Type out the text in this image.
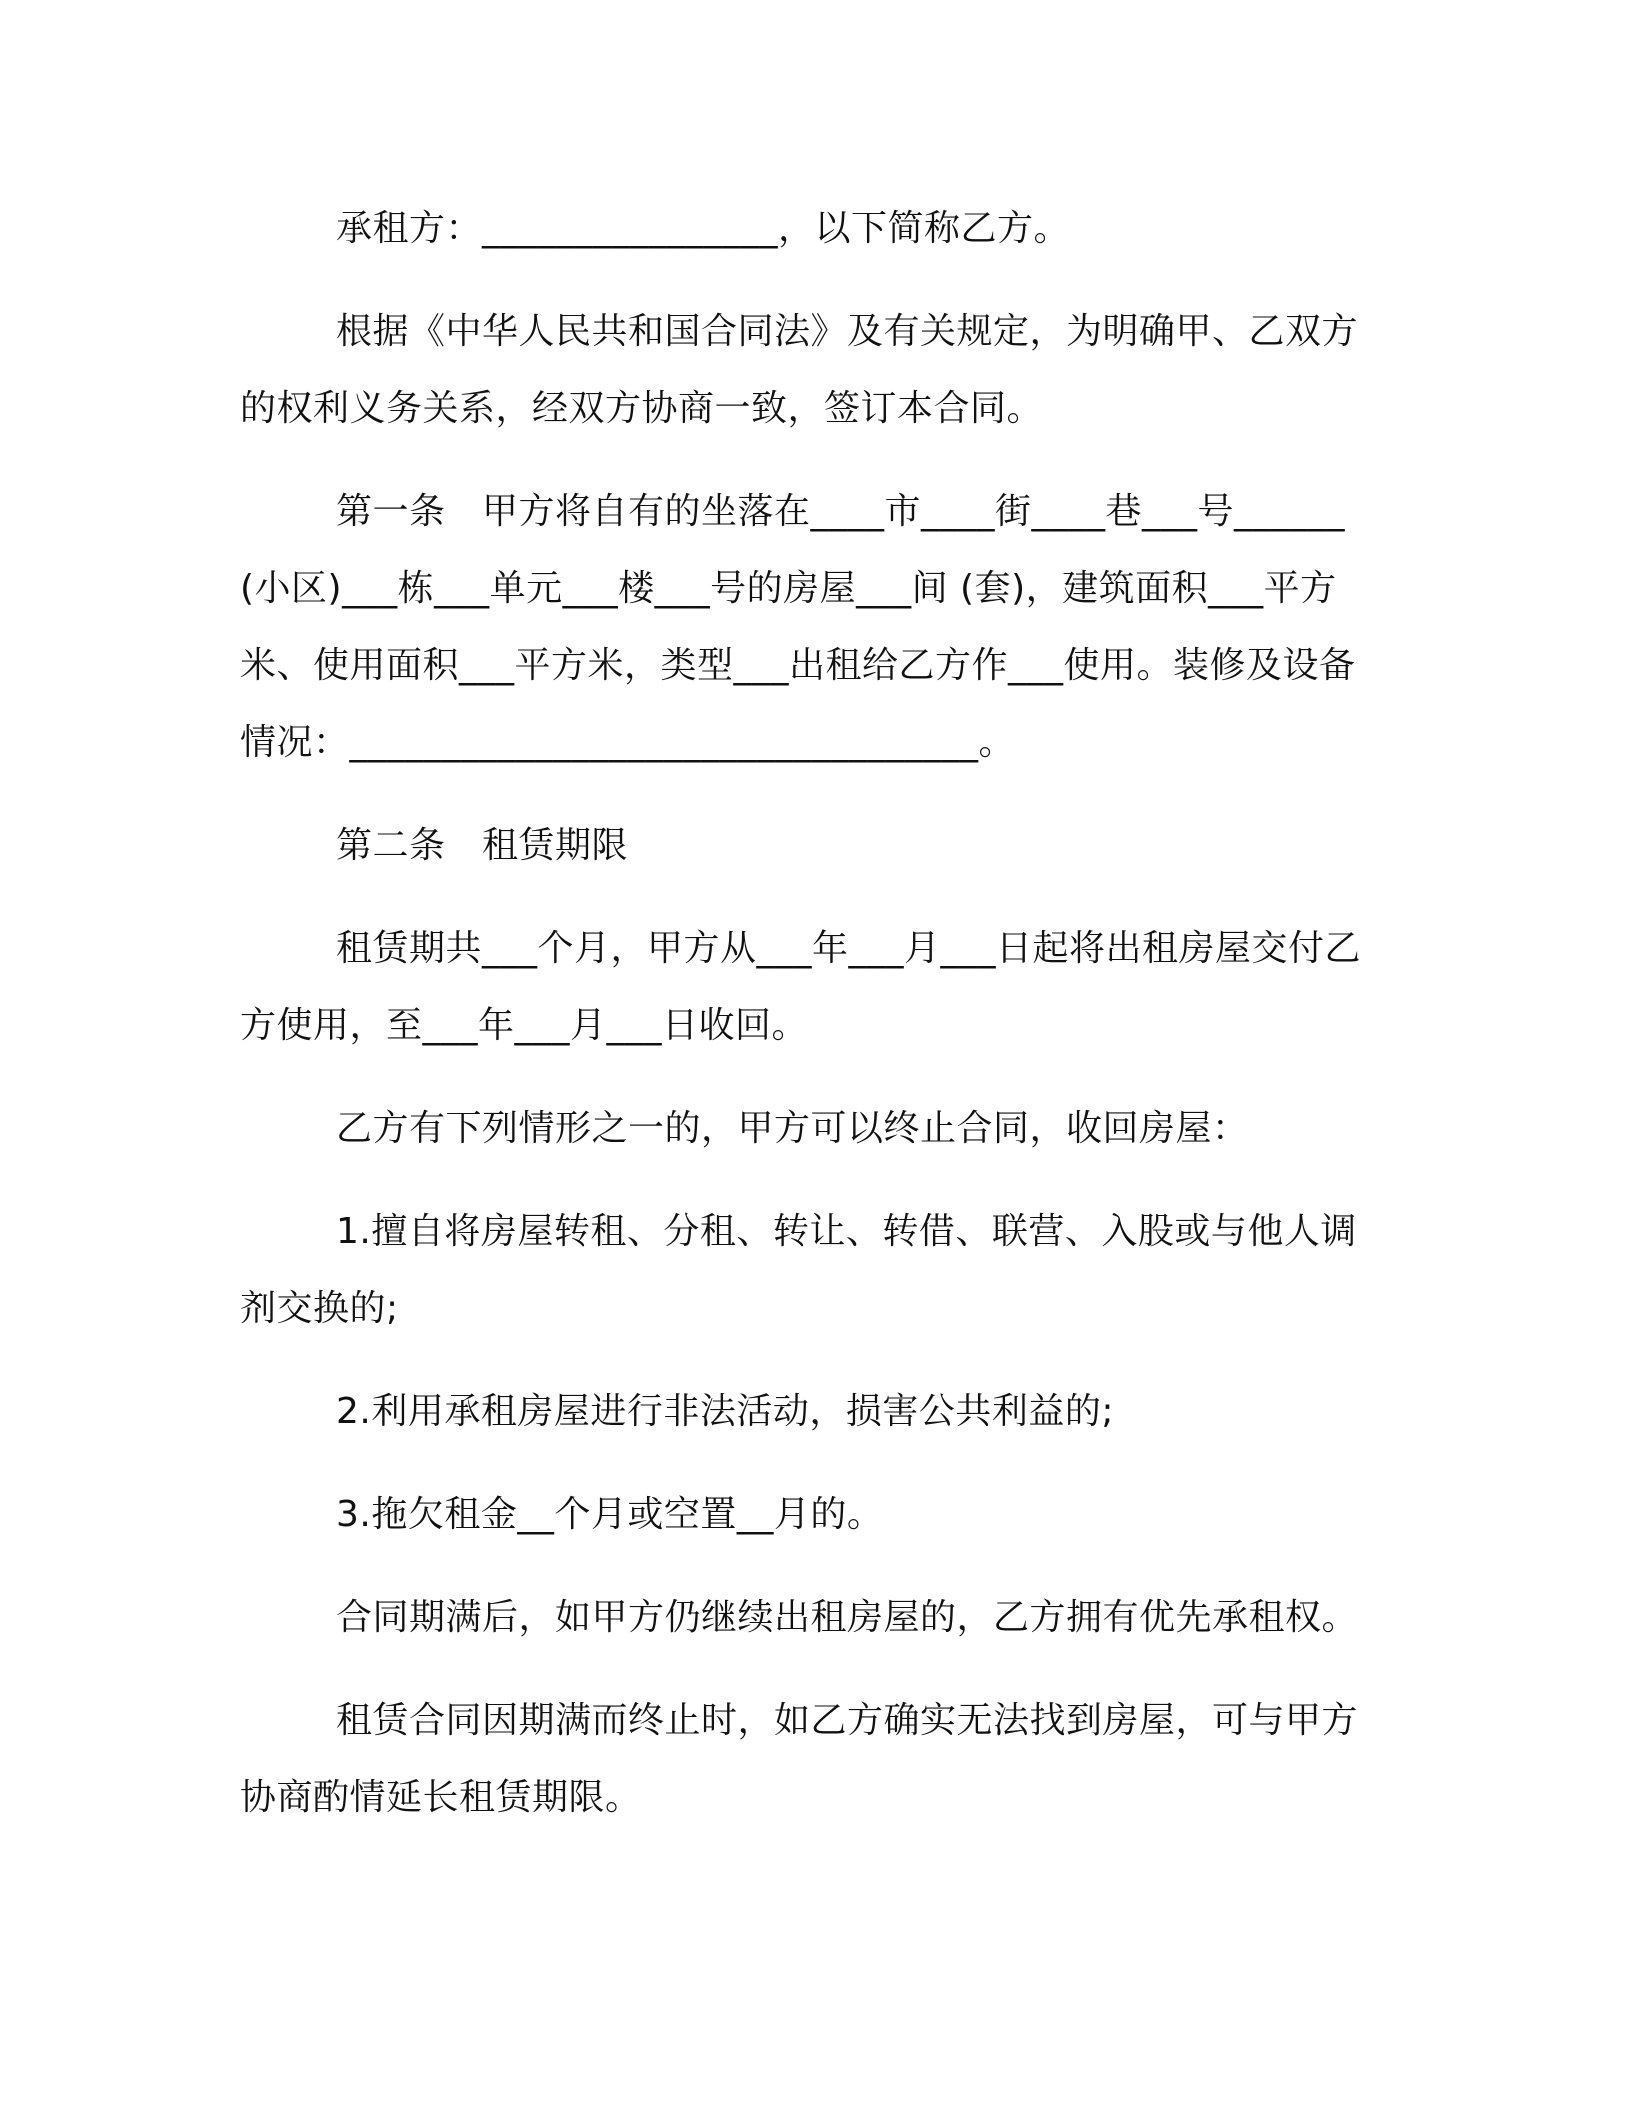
承租方：________________，以下简称乙方。

根据《中华人民共和国合同法》及有关规定，为明确甲、乙双方的权利义务关系，经双方协商一致，签订本合同。

第一条　甲方将自有的坐落在____市____街____巷___号______(小区)___栋___单元___楼___号的房屋___间 (套)，建筑面积___平方米、使用面积___平方米，类型___出租给乙方作___使用。装修及设备情况：__________________________________。

第二条　租赁期限

租赁期共___个月，甲方从___年___月___日起将出租房屋交付乙方使用，至___年___月___日收回。

乙方有下列情形之一的，甲方可以终止合同，收回房屋：

1.擅自将房屋转租、分租、转让、转借、联营、入股或与他人调剂交换的;

2.利用承租房屋进行非法活动，损害公共利益的;

3.拖欠租金__个月或空置__月的。

合同期满后，如甲方仍继续出租房屋的，乙方拥有优先承租权。

租赁合同因期满而终止时，如乙方确实无法找到房屋，可与甲方协商酌情延长租赁期限。
